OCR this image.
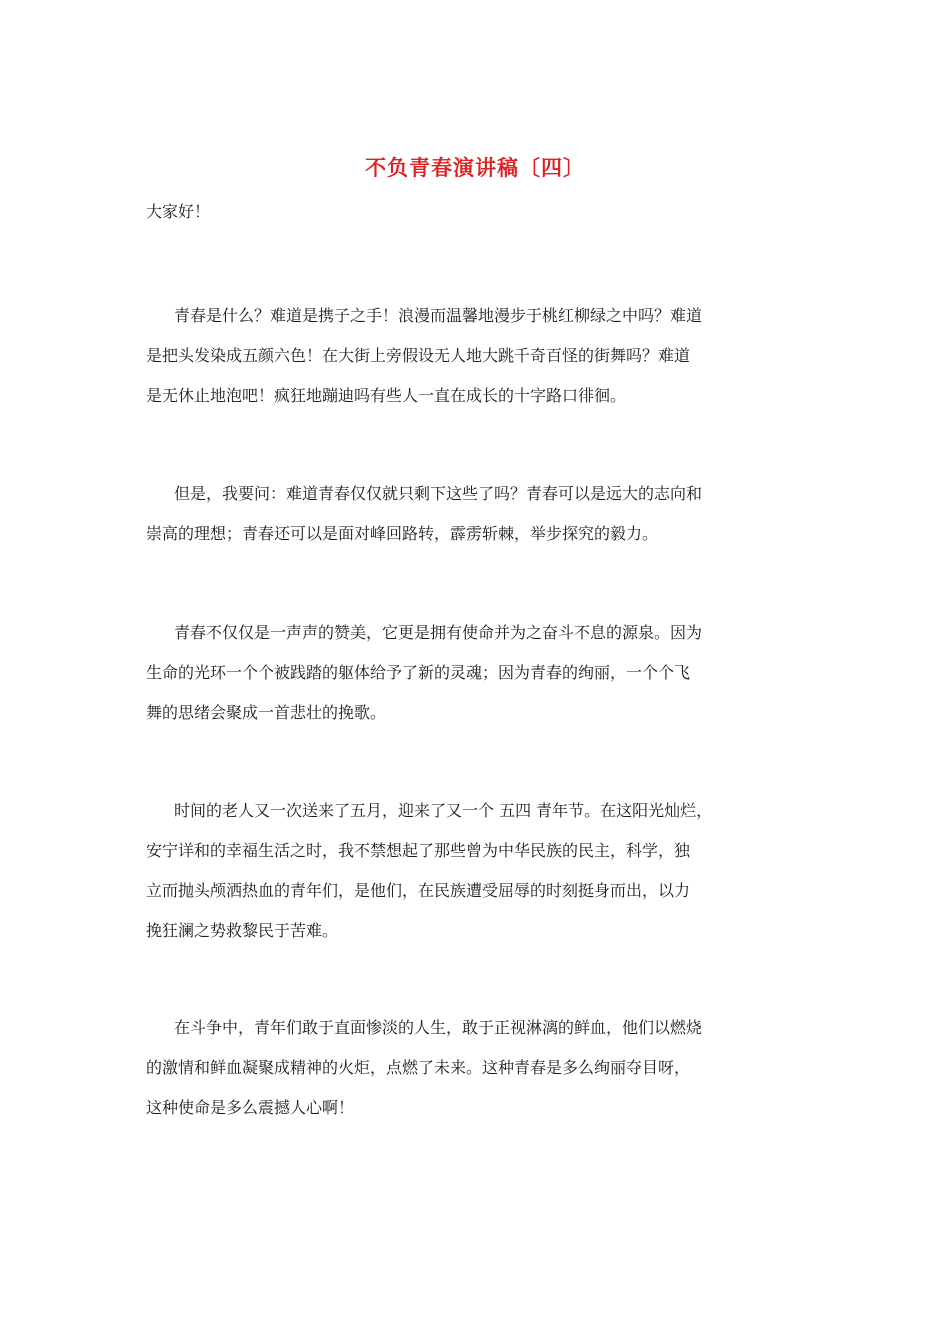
不负青春演讲稿〔四〕
大家好！
青春是什么？难道是携子之手！浪漫而温馨地漫步于桃红柳绿之中吗？难道
是把头发染成五颜六色！在大街上旁假设无人地大跳千奇百怪的街舞吗？难道
是无休止地泡吧！疯狂地蹦迪吗有些人一直在成长的十字路口徘徊。
但是，我要问：难道青春仅仅就只剩下这些了吗？青春可以是远大的志向和
崇高的理想；青春还可以是面对峰回路转，霹雳斩棘，举步探究的毅力。
青春不仅仅是一声声的赞美，它更是拥有使命并为之奋斗不息的源泉。因为
生命的光环一个个被践踏的躯体给予了新的灵魂；因为青春的绚丽，一个个飞
舞的思绪会聚成一首悲壮的挽歌。
时间的老人又一次送来了五月，迎来了又一个 五四 青年节。在这阳光灿烂，
安宁详和的幸福生活之时，我不禁想起了那些曾为中华民族的民主，科学，独
立而抛头颅洒热血的青年们，是他们，在民族遭受屈辱的时刻挺身而出，以力
挽狂澜之势救黎民于苦难。
在斗争中，青年们敢于直面惨淡的人生，敢于正视淋漓的鲜血，他们以燃烧
的激情和鲜血凝聚成精神的火炬，点燃了未来。这种青春是多么绚丽夺目呀，
这种使命是多么震撼人心啊！
